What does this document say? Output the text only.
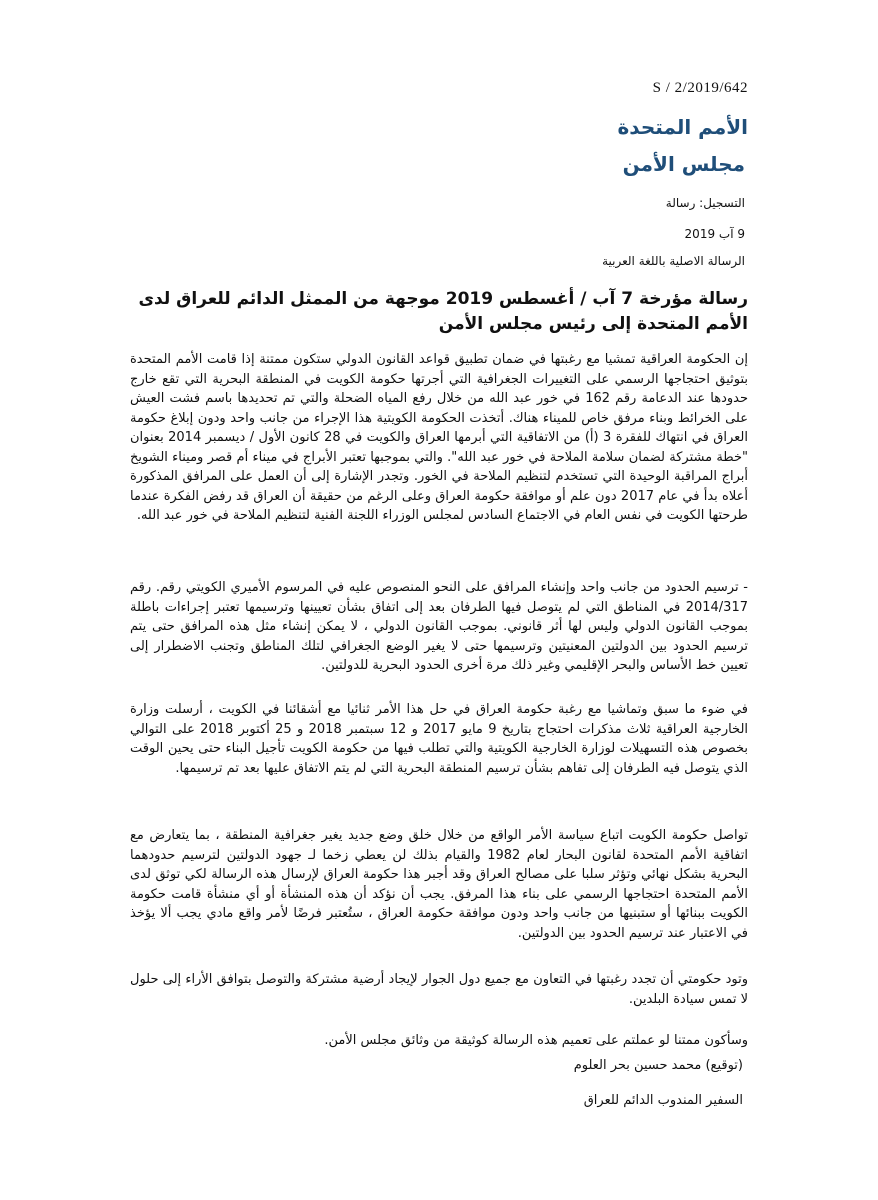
S / 2/2019/642
الأمم المتحدة
مجلس الأمن
التسجيل: رسالة
9 آب 2019
الرسالة الاصلية باللغة العربية
رسالة مؤرخة 7 آب / أغسطس 2019 موجهة من الممثل الدائم للعراق لدى الأمم المتحدة إلى رئيس مجلس الأمن
إن الحكومة العراقية تمشيا مع رغبتها في ضمان تطبيق قواعد القانون الدولي ستكون ممتنة إذا قامت الأمم المتحدة بتوثيق احتجاجها الرسمي على التغييرات الجغرافية التي أجرتها حكومة الكويت في المنطقة البحرية التي تقع خارج حدودها عند الدعامة رقم 162 في خور عبد الله من خلال رفع المياه الضحلة والتي تم تحديدها باسم فشت العيش على الخرائط وبناء مرفق خاص للميناء هناك. أتخذت الحكومة الكويتية هذا الإجراء من جانب واحد ودون إبلاغ حكومة العراق في انتهاك للفقرة 3 (أ) من الاتفاقية التي أبرمها العراق والكويت في 28 كانون الأول / ديسمبر 2014 بعنوان "خطة مشتركة لضمان سلامة الملاحة في خور عبد الله". والتي بموجبها تعتبر الأبراج في ميناء أم قصر وميناء الشويخ أبراج المراقبة الوحيدة التي تستخدم لتنظيم الملاحة في الخور. وتجدر الإشارة إلى أن العمل على المرافق المذكورة أعلاه بدأ في عام 2017 دون علم أو موافقة حكومة العراق وعلى الرغم من حقيقة أن العراق قد رفض الفكرة عندما طرحتها الكويت في نفس العام في الاجتماع السادس لمجلس الوزراء اللجنة الفنية لتنظيم الملاحة في خور عبد الله.
- ترسيم الحدود من جانب واحد وإنشاء المرافق على النحو المنصوص عليه في المرسوم الأميري الكويتي رقم. رقم 2014/317 في المناطق التي لم يتوصل فيها الطرفان بعد إلى اتفاق بشأن تعيينها وترسيمها تعتبر إجراءات باطلة بموجب القانون الدولي وليس لها أثر قانوني. بموجب القانون الدولي ، لا يمكن إنشاء مثل هذه المرافق حتى يتم ترسيم الحدود بين الدولتين المعنيتين وترسيمها حتى لا يغير الوضع الجغرافي لتلك المناطق وتجنب الاضطرار إلى تعيين خط الأساس والبحر الإقليمي وغير ذلك مرة أخرى الحدود البحرية للدولتين.
في ضوء ما سبق وتماشيا مع رغبة حكومة العراق في حل هذا الأمر ثنائيا مع أشقائنا في الكويت ، أرسلت وزارة الخارجية العراقية ثلاث مذكرات احتجاج بتاريخ 9 مايو 2017 و 12 سبتمبر 2018 و 25 أكتوبر 2018 على التوالي بخصوص هذه التسهيلات لوزارة الخارجية الكويتية والتي تطلب فيها من حكومة الكويت تأجيل البناء حتى يحين الوقت الذي يتوصل فيه الطرفان إلى تفاهم بشأن ترسيم المنطقة البحرية التي لم يتم الاتفاق عليها بعد تم ترسيمها.
تواصل حكومة الكويت اتباع سياسة الأمر الواقع من خلال خلق وضع جديد يغير جغرافية المنطقة ، بما يتعارض مع اتفاقية الأمم المتحدة لقانون البحار لعام 1982 والقيام بذلك لن يعطي زخما لـ جهود الدولتين لترسيم حدودهما البحرية بشكل نهائي وتؤثر سلبا على مصالح العراق وقد أجبر هذا حكومة العراق لإرسال هذه الرسالة لكي توثق لدى الأمم المتحدة احتجاجها الرسمي على بناء هذا المرفق. يجب أن نؤكد أن هذه المنشأة أو أي منشأة قامت حكومة الكويت ببنائها أو ستبنيها من جانب واحد ودون موافقة حكومة العراق ، ستُعتبر فرضًا لأمر واقع مادي يجب ألا يؤخذ في الاعتبار عند ترسيم الحدود بين الدولتين.
وتود حكومتي أن تجدد رغبتها في التعاون مع جميع دول الجوار لإيجاد أرضية مشتركة والتوصل بتوافق الأراء إلى حلول لا تمس سيادة البلدين.
وسأكون ممتنا لو عملتم على تعميم هذه الرسالة كوثيقة من وثائق مجلس الأمن.
(توقيع) محمد حسين بحر العلوم
السفير المندوب الدائم للعراق
